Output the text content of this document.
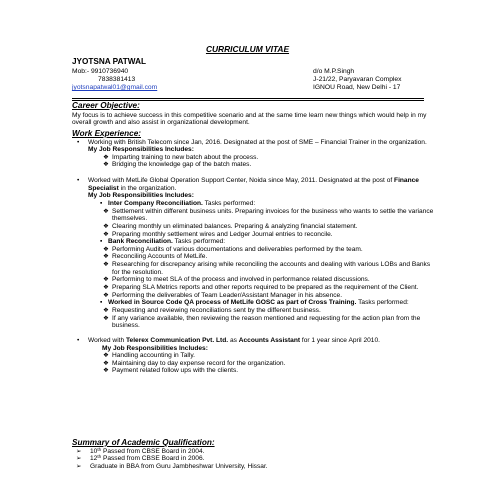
CURRICULUM VITAE
JYOTSNA PATWAL
Mob:- 9910736940
7838381413
jyotsnapatwal01@gmail.com
d/o M.P.Singh
J-21/22, Paryavaran Complex
IGNOU Road, New Delhi - 17
Career Objective:
My focus is to achieve success in this competitive scenario and at the same time learn new things which would help in my overall growth and also assist in organizational development.
Work Experience:
• Working with British Telecom since Jan, 2016. Designated at the post of SME – Financial Trainer in the organization.
My Job Responsibilities Includes:
❖ Imparting training to new batch about the process.
❖ Bridging the knowledge gap of the batch mates.
• Worked with MetLife Global Operation Support Center, Noida since May, 2011. Designated at the post of Finance Specialist in the organization.
My Job Responsibilities Includes:
▪ Inter Company Reconciliation. Tasks performed:
❖ Settlement within different business units. Preparing invoices for the business who wants to settle the variance themselves.
❖ Clearing monthly un eliminated balances. Preparing & analyzing financial statement.
❖ Preparing monthly settlement wires and Ledger Journal entries to reconcile.
▪ Bank Reconciliation. Tasks performed:
❖ Performing Audits of various documentations and deliverables performed by the team.
❖ Reconciling Accounts of MetLife.
❖ Researching for discrepancy arising while reconciling the accounts and dealing with various LOBs and Banks for the resolution.
❖ Performing to meet SLA of the process and involved in performance related discussions.
❖ Preparing SLA Metrics reports and other reports required to be prepared as the requirement of the Client.
❖ Performing the deliverables of Team Leader/Assistant Manager in his absence.
▪ Worked in Source Code QA process of MetLife GOSC as part of Cross Training. Tasks performed:
❖ Requesting and reviewing reconciliations sent by the different business.
❖ If any variance available, then reviewing the reason mentioned and requesting for the action plan from the business.
• Worked with Telerex Communication Pvt. Ltd. as Accounts Assistant for 1 year since April 2010.
My Job Responsibilities Includes:
❖ Handling accounting in Tally.
❖ Maintaining day to day expense record for the organization.
❖ Payment related follow ups with the clients.
Summary of Academic Qualification:
➢ 10th Passed from CBSE Board in 2004.
➢ 12th Passed from CBSE Board in 2006.
➢ Graduate in BBA from Guru Jambheshwar University, Hissar.
